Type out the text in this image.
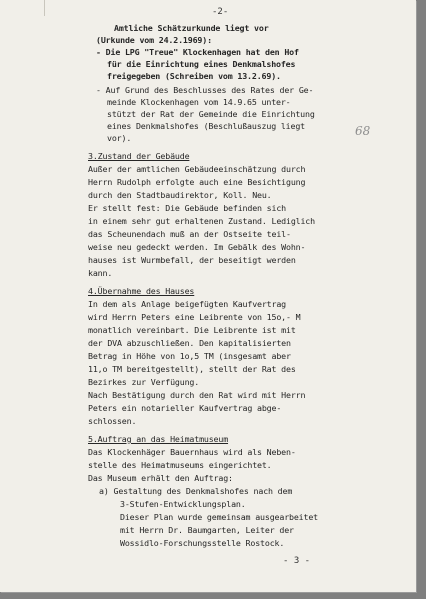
-2-
Amtliche Schätzurkunde liegt vor
(Urkunde vom 24.2.1969):
- Die LPG "Treue" Klockenhagen hat den Hof
für die Einrichtung eines Denkmalshofes
freigegeben (Schreiben vom 13.2.69).
- Auf Grund des Beschlusses des Rates der Ge-
meinde Klockenhagen vom 14.9.65 unter-
stützt der Rat der Gemeinde die Einrichtung
eines Denkmalshofes (Beschlußauszug liegt
vor).	68
3.Zustand der Gebäude
Außer der amtlichen Gebäudeeinschätzung durch
Herrn Rudolph erfolgte auch eine Besichtigung
durch den Stadtbaudirektor, Koll. Neu.
Er stellt fest: Die Gebäude befinden sich
in einem sehr gut erhaltenen Zustand. Lediglich
das Scheunendach muß an der Ostseite teil-
weise neu gedeckt werden. Im Gebälk des Wohn-
hauses ist Wurmbefall, der beseitigt werden
kann.
4.Übernahme des Hauses
In dem als Anlage beigefügten Kaufvertrag
wird Herrn Peters eine Leibrente von 15o,- M
monatlich vereinbart. Die Leibrente ist mit
der DVA abzuschließen. Den kapitalisierten
Betrag in Höhe von 1o,5 TM (insgesamt aber
11,o TM bereitgestellt), stellt der Rat des
Bezirkes zur Verfügung.
Nach Bestätigung durch den Rat wird mit Herrn
Peters ein notarieller Kaufvertrag abge-
schlossen.
5.Auftrag an das Heimatmuseum
Das Klockenhäger Bauernhaus wird als Neben-
stelle des Heimatmuseums eingerichtet.
Das Museum erhält den Auftrag:
a) Gestaltung des Denkmalshofes nach dem
3-Stufen-Entwicklungsplan.
Dieser Plan wurde gemeinsam ausgearbeitet
mit Herrn Dr. Baumgarten, Leiter der
Wossidlo-Forschungsstelle Rostock.
- 3 -
